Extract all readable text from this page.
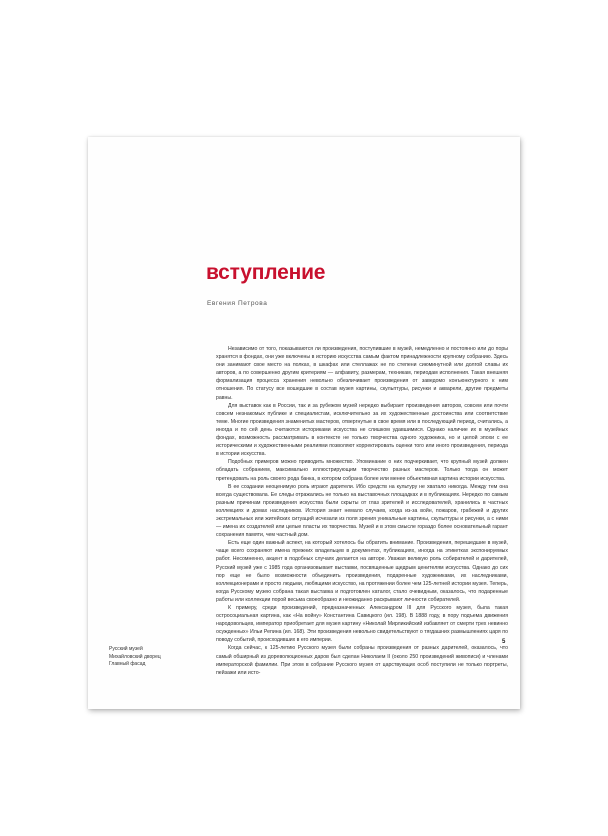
вступление
Евгения Петрова

Независимо от того, показываются ли произведения, поступившие в музей, немедленно и постоянно или до поры хранятся в фондах, они уже включены в историю искусства самым фактом принадлежности крупному собранию. Здесь они занимают свое место на полках, в шкафах или стеллажах не по степени сиюминутной или долгой славы их авторов, а по совершенно другим критериям — алфавиту, размерам, техникам, периодам исполнения. Такая внешняя формализация процесса хранения невольно обезличивает произведения от заведомо конъюнктурного к ним отношения. По статусу все вошедшие в состав музея картины, скульптуры, рисунки и акварели, другие предметы равны.

Для выставок как в России, так и за рубежом музей нередко выбирает произведения авторов, совсем или почти совсем незнакомых публике и специалистам, исключительно за их художественные достоинства или соответствие теме. Многие произведения знаменитых мастеров, отвергнутые в свое время или в последующий период, считались, а иногда и по сей день считаются историками искусства не слишком удавшимися. Однако наличие их в музейных фондах, возможность рассматривать в контексте не только творчества одного художника, но и целой эпохи с ее историческими и художественными реалиями позволяют корректировать оценки того или иного произведения, периода в истории искусства.

Подобных примеров можно приводить множество. Упоминание о них подчеркивает, что крупный музей должен обладать собранием, максимально иллюстрирующим творчество разных мастеров. Только тогда он может претендовать на роль своего рода банка, в котором собрана более или менее объективная картина истории искусства.

В ее создании неоценимую роль играют дарители. Ибо средств на культуру не хватало никогда. Между тем она всегда существовала. Ее следы отражались не только на выставочных площадках и в публикациях. Нередко по самым разным причинам произведения искусства были скрыты от глаз зрителей и исследователей, хранились в частных коллекциях и домах наследников. История знает немало случаев, когда из-за войн, пожаров, грабежей и других экстремальных или житейских ситуаций исчезали из поля зрения уникальные картины, скульптуры и рисунки, а с ними — имена их создателей или целые пласты их творчества. Музей и в этом смысле гораздо более основательный гарант сохранения памяти, чем частный дом.

Есть еще один важный аспект, на который хотелось бы обратить внимание. Произведения, перешедшие в музей, чаще всего сохраняют имена прежних владельцев в документах, публикациях, иногда на этикетках экспонируемых работ. Несомненно, акцент в подобных случаях делается на авторе. Уважая великую роль собирателей и дарителей, Русский музей уже с 1985 года организовывает выставки, посвященные щедрым ценителям искусства. Однако до сих пор еще не было возможности объединить произведения, подаренные художниками, их наследниками, коллекционерами и просто людьми, любящими искусство, на протяжении более чем 125-летней истории музея. Теперь, когда Русскому музею собрана такая выставка и подготовлен каталог, стало очевидным, оказалось, что подаренные работы или коллекции порой весьма своеобразно и неожиданно раскрывают личности собирателей.

К примеру, среди произведений, предназначенных Александром III для Русского музея, была такая остросоциальная картина, как «На войну» Константина Савицкого (ил. 198). В 1888 году, в пору подъема движения народовольцев, император приобретает для музея картину «Николай Мирликийский избавляет от смерти трех невинно осужденных» Ильи Репина (ил. 168). Эти произведения невольно свидетельствуют о тягдашних размышлениях царя по поводу событий, происходивших в его империи.

Когда сейчас, к 125-летию Русского музея были собраны произведения от разных дарителей, оказалось, что самый обширный из дореволюционных даров был сделан Николаем II (около 250 произведений живописи) и членами императорской фамилии. При этом в собрание Русского музея от царствующих особ поступили не только портреты, пейзажи или исто-

Русский музей
Михайловский дворец
Главный фасад
5
